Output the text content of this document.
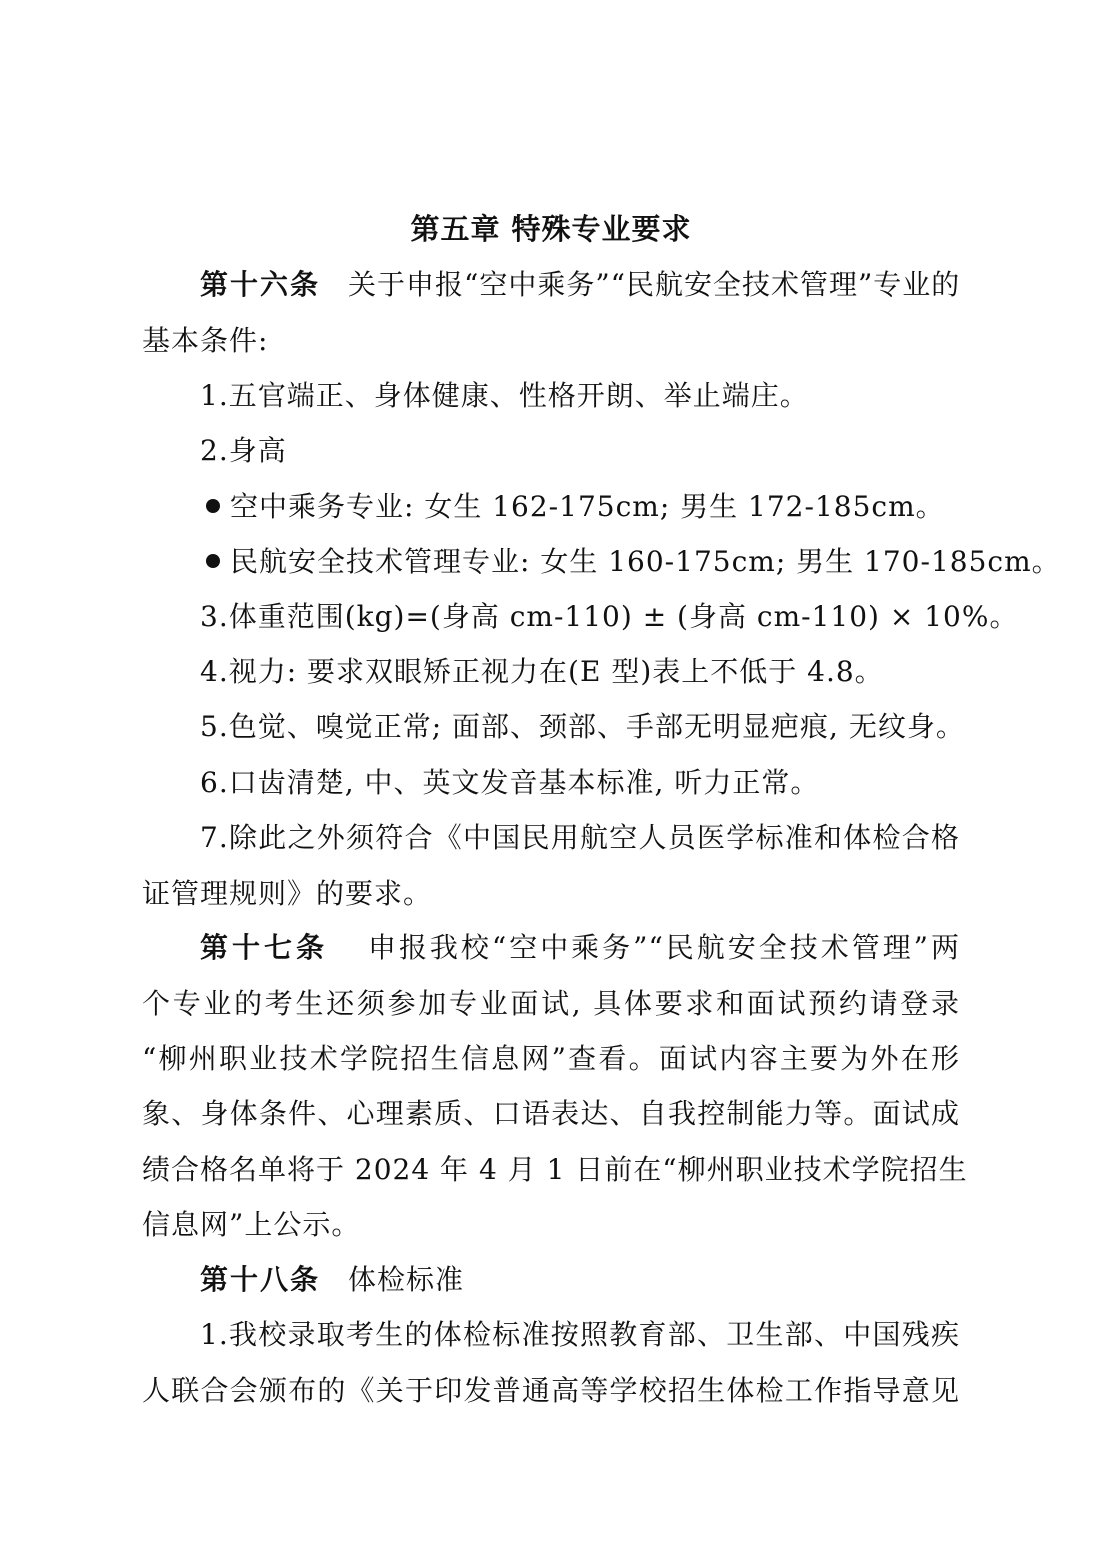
第五章 特殊专业要求
第十六条 关于申报“空中乘务”“民航安全技术管理”专业的
基本条件:
1.五官端正、身体健康、性格开朗、举止端庄。
2.身高
空中乘务专业: 女生 162-175cm; 男生 172-185cm。
民航安全技术管理专业: 女生 160-175cm; 男生 170-185cm。
3.体重范围(kg)=(身高 cm-110) ± (身高 cm-110) × 10%。
4.视力: 要求双眼矫正视力在(E 型)表上不低于 4.8。
5.色觉、嗅觉正常; 面部、颈部、手部无明显疤痕, 无纹身。
6.口齿清楚, 中、英文发音基本标准, 听力正常。
7.除此之外须符合《中国民用航空人员医学标准和体检合格
证管理规则》的要求。
第十七条 申报我校“空中乘务”“民航安全技术管理”两
个专业的考生还须参加专业面试, 具体要求和面试预约请登录
“柳州职业技术学院招生信息网”查看。面试内容主要为外在形
象、身体条件、心理素质、口语表达、自我控制能力等。面试成
绩合格名单将于 2024 年 4 月 1 日前在“柳州职业技术学院招生
信息网”上公示。
第十八条 体检标准
1.我校录取考生的体检标准按照教育部、卫生部、中国残疾
人联合会颁布的《关于印发普通高等学校招生体检工作指导意见
